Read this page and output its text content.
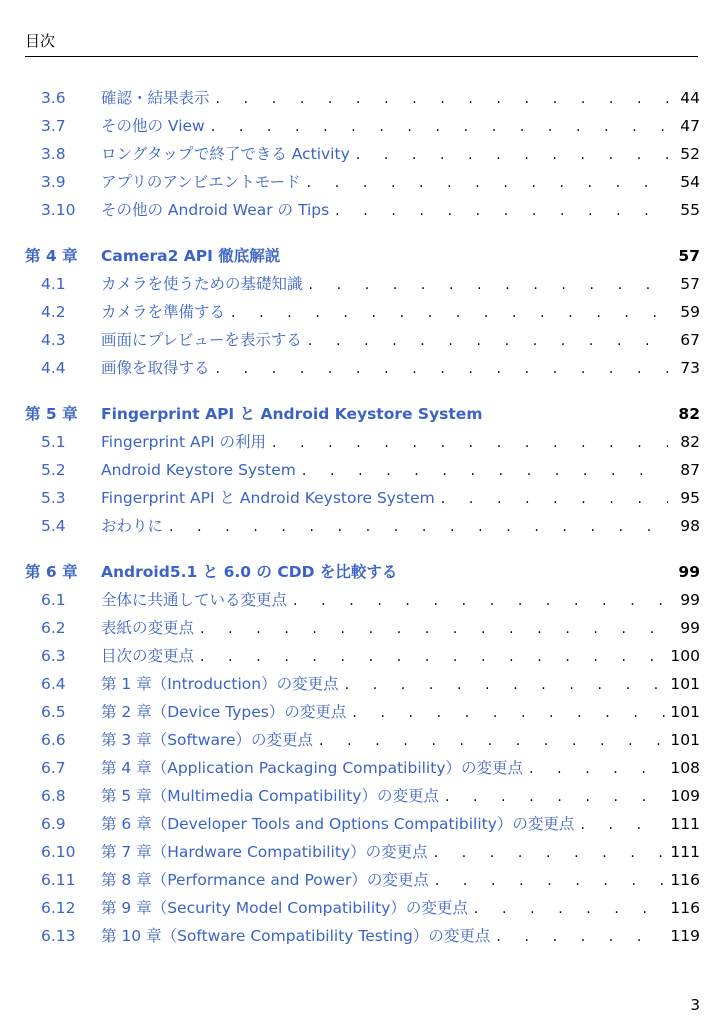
目次
3.6 確認・結果表示 . . .	44
3.7 その他の View . . .	47
3.8 ロングタップで終了できる Activity . . .	52
3.9 アプリのアンビエントモード . . .	54
3.10 その他の Android Wear の Tips . . .	55
第 4 章 Camera2 API 徹底解説	57
4.1 カメラを使うための基礎知識 . . .	57
4.2 カメラを準備する . . .	59
4.3 画面にプレビューを表示する . . .	67
4.4 画像を取得する . . .	73
第 5 章 Fingerprint API と Android Keystore System	82
5.1 Fingerprint API の利用 . . .	82
5.2 Android Keystore System . . .	87
5.3 Fingerprint API と Android Keystore System . . .	95
5.4 おわりに . . .	98
第 6 章 Android5.1 と 6.0 の CDD を比較する	99
6.1 全体に共通している変更点 . . .	99
6.2 表紙の変更点 . . .	99
6.3 目次の変更点 . . .	100
6.4 第 1 章（Introduction）の変更点 . . .	101
6.5 第 2 章（Device Types）の変更点 . . .	101
6.6 第 3 章（Software）の変更点 . . .	101
6.7 第 4 章（Application Packaging Compatibility）の変更点 . . .	108
6.8 第 5 章（Multimedia Compatibility）の変更点 . . .	109
6.9 第 6 章（Developer Tools and Options Compatibility）の変更点 . . .	111
6.10 第 7 章（Hardware Compatibility）の変更点 . . .	111
6.11 第 8 章（Performance and Power）の変更点 . . .	116
6.12 第 9 章（Security Model Compatibility）の変更点 . . .	116
6.13 第 10 章（Software Compatibility Testing）の変更点 . . .	119
3
